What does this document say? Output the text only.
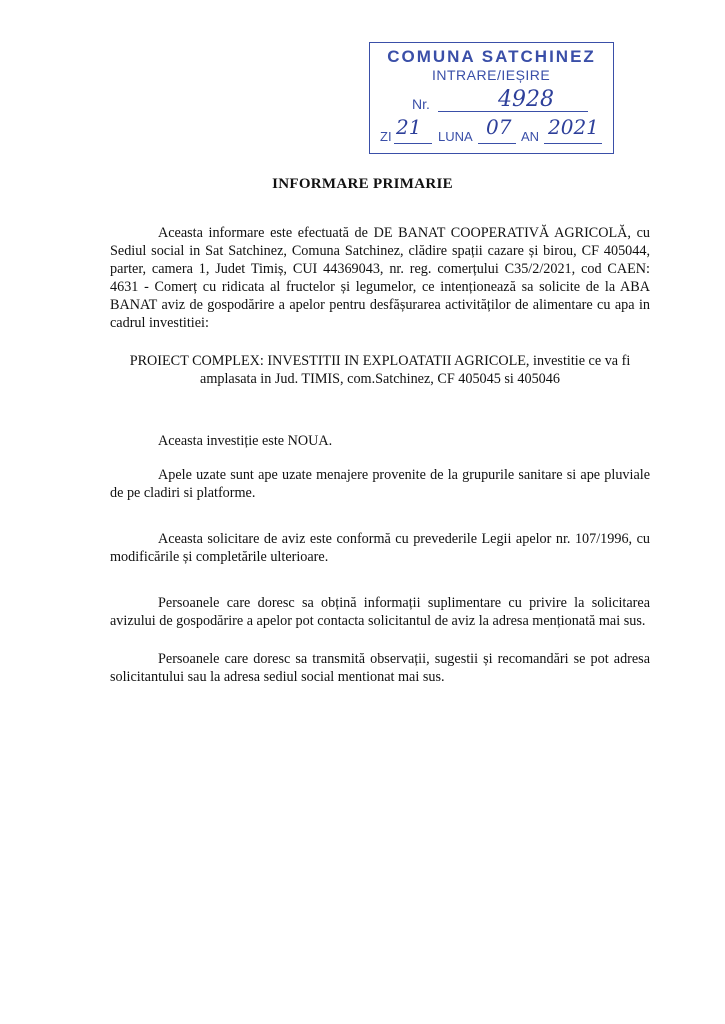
COMUNA SATCHINEZ
INTRARE/IEȘIRE
Nr.	4928
ZI 21 LUNA 07 AN 2021
INFORMARE PRIMARIE
Aceasta informare este efectuată de DE BANAT COOPERATIVĂ AGRICOLĂ, cu Sediul social in Sat Satchinez, Comuna Satchinez, clădire spații cazare și birou, CF 405044, parter, camera 1, Judet Timiș, CUI 44369043, nr. reg. comerțului C35/2/2021, cod CAEN: 4631 - Comerț cu ridicata al fructelor și legumelor, ce intenționează sa solicite de la ABA BANAT aviz de gospodărire a apelor pentru desfășurarea activităților de alimentare cu apa in cadrul investitiei:
PROIECT COMPLEX: INVESTITII IN EXPLOATATII AGRICOLE, investitie ce va fi amplasata in Jud. TIMIS, com.Satchinez, CF 405045 si 405046
Aceasta investiție este NOUA.
Apele uzate sunt ape uzate menajere provenite de la grupurile sanitare si ape pluviale de pe cladiri si platforme.
Aceasta solicitare de aviz este conformă cu prevederile Legii apelor nr. 107/1996, cu modificările și completările ulterioare.
Persoanele care doresc sa obțină informații suplimentare cu privire la solicitarea avizului de gospodărire a apelor pot contacta solicitantul de aviz la adresa menționată mai sus.
Persoanele care doresc sa transmită observații, sugestii și recomandări se pot adresa solicitantului sau la adresa sediul social mentionat mai sus.
